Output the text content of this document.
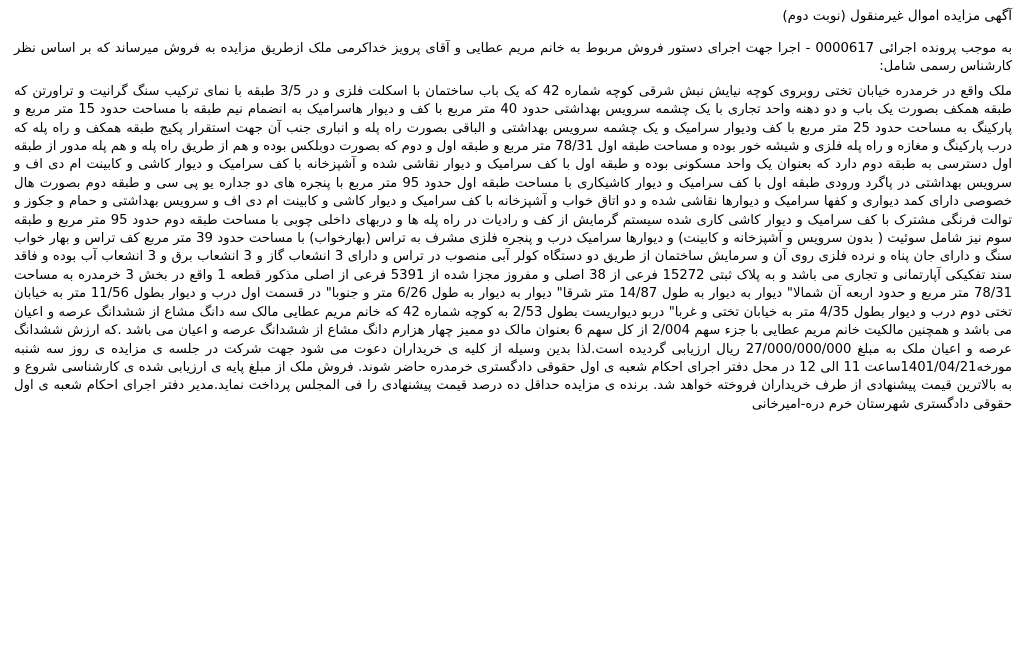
آگهی مزایده اموال غیرمنقول (نوبت دوم)

به موجب پرونده اجرائی 0000617 - اجرا جهت اجرای دستور فروش مربوط به خانم مریم عطایی و آقای پرویز خداکرمی ملک ازطریق مزایده به فروش میرساند که بر اساس نظر کارشناس رسمی شامل:

ملک واقع در خرمدره خیابان تختی روبروی کوچه نیایش نبش شرقی کوچه شماره 42 که یک باب ساختمان با اسکلت فلزی و در 3/5 طبقه با نمای ترکیب سنگ گرانیت و تراورتن که طبقه همکف بصورت یک باب و دو دهنه واحد تجاری با یک چشمه سرویس بهداشتی حدود 40 متر مربع با کف و دیوار هاسرامیک به انضمام نیم طبقه با مساحت حدود 15 متر مربع و پارکینگ به مساحت حدود 25 متر مربع با کف ودیوار سرامیک و یک چشمه سرویس بهداشتی و الباقی بصورت راه پله و انباری جنب آن جهت استقرار پکیج طبقه همکف و راه پله که درب پارکینگ و مغازه و راه پله فلزی و شیشه خور بوده و مساحت طبقه اول 78/31 متر مربع و طبقه اول و دوم که بصورت دوبلکس بوده و هم از طریق راه پله و هم پله مدور از طبقه اول دسترسی به طبقه دوم دارد که بعنوان یک واحد مسکونی بوده و طبقه اول با کف سرامیک و دیوار نقاشی شده و آشپزخانه با کف سرامیک و دیوار کاشی و کابینت ام دی اف و سرویس بهداشتی در پاگرد ورودی طبقه اول با کف سرامیک و دیوار کاشیکاری با مساحت طبقه اول حدود 95 متر مربع با پنجره های دو جداره یو پی سی و طبقه دوم بصورت هال خصوصی دارای کمد دیواری و کفها سرامیک و دیوارها نقاشی شده و دو اتاق خواب و آشپزخانه با کف سرامیک و دیوار کاشی و کابینت ام دی اف و سرویس بهداشتی و حمام و جکوز و توالت فرنگی مشترک با کف سرامیک و دیوار کاشی کاری شده سیستم گرمایش از کف و رادیات در راه پله ها و دربهای داخلی چوبی با مساحت طبقه دوم حدود 95 متر مربع و طبقه سوم نیز شامل سوئیت ( بدون سرویس و آشپزخانه و کابینت) و دیوارها سرامیک درب و پنجره فلزی مشرف به تراس (بهارخواب) با مساحت حدود 39 متر مربع کف تراس و بهار خواب سنگ و دارای جان پناه و نرده فلزی روی آن و سرمایش ساختمان از طریق دو دستگاه کولر آبی منصوب در تراس و دارای 3 انشعاب گاز و 3 انشعاب برق و 3 انشعاب آب بوده و فاقد سند تفکیکی آپارتمانی و تجاری می باشد و به پلاک ثبتی 15272 فرعی از 38 اصلی و مفروز مجزا شده از 5391 فرعی از اصلی مذکور قطعه 1 واقع در بخش 3 خرمدره به مساحت 78/31 متر مربع و حدود اربعه آن شمالا" دیوار به دیوار به طول 14/87 متر شرقا" دیوار به دیوار به طول 6/26 متر و جنوبا" در قسمت اول درب و دیوار بطول 11/56 متر به خیابان تختی دوم درب و دیوار بطول 4/35 متر به خیابان تختی و غربا" دربو دیواریست بطول 2/53 به کوچه شماره 42 که خانم مریم عطایی مالک سه دانگ مشاع از ششدانگ عرصه و اعیان می باشد و همچنین مالکیت خانم مریم عطایی با جزء سهم 2/004 از کل سهم 6 بعنوان مالک دو ممیز چهار هزارم دانگ مشاع از ششدانگ عرصه و اعیان می باشد .که ارزش ششدانگ عرصه و اعیان ملک به مبلغ 27/000/000/000 ریال ارزیابی گردیده است.لذا بدین وسیله از کلیه ی خریداران دعوت می شود جهت شرکت در جلسه ی مزایده ی روز سه شنبه مورخه1401/04/21ساعت 11 الی 12 در محل دفتر اجرای احکام شعبه ی اول حقوقی دادگستری خرمدره حاضر شوند. فروش ملک از مبلغ پایه ی ارزیابی شده ی کارشناسی شروع و به بالاترین قیمت پیشنهادی از طرف خریداران فروخته خواهد شد. برنده ی مزایده حداقل ده درصد قیمت پیشنهادی را فی المجلس پرداخت نماید.مدیر دفتر اجرای احکام شعبه ی اول حقوقی دادگستری شهرستان خرم دره-امیرخانی
